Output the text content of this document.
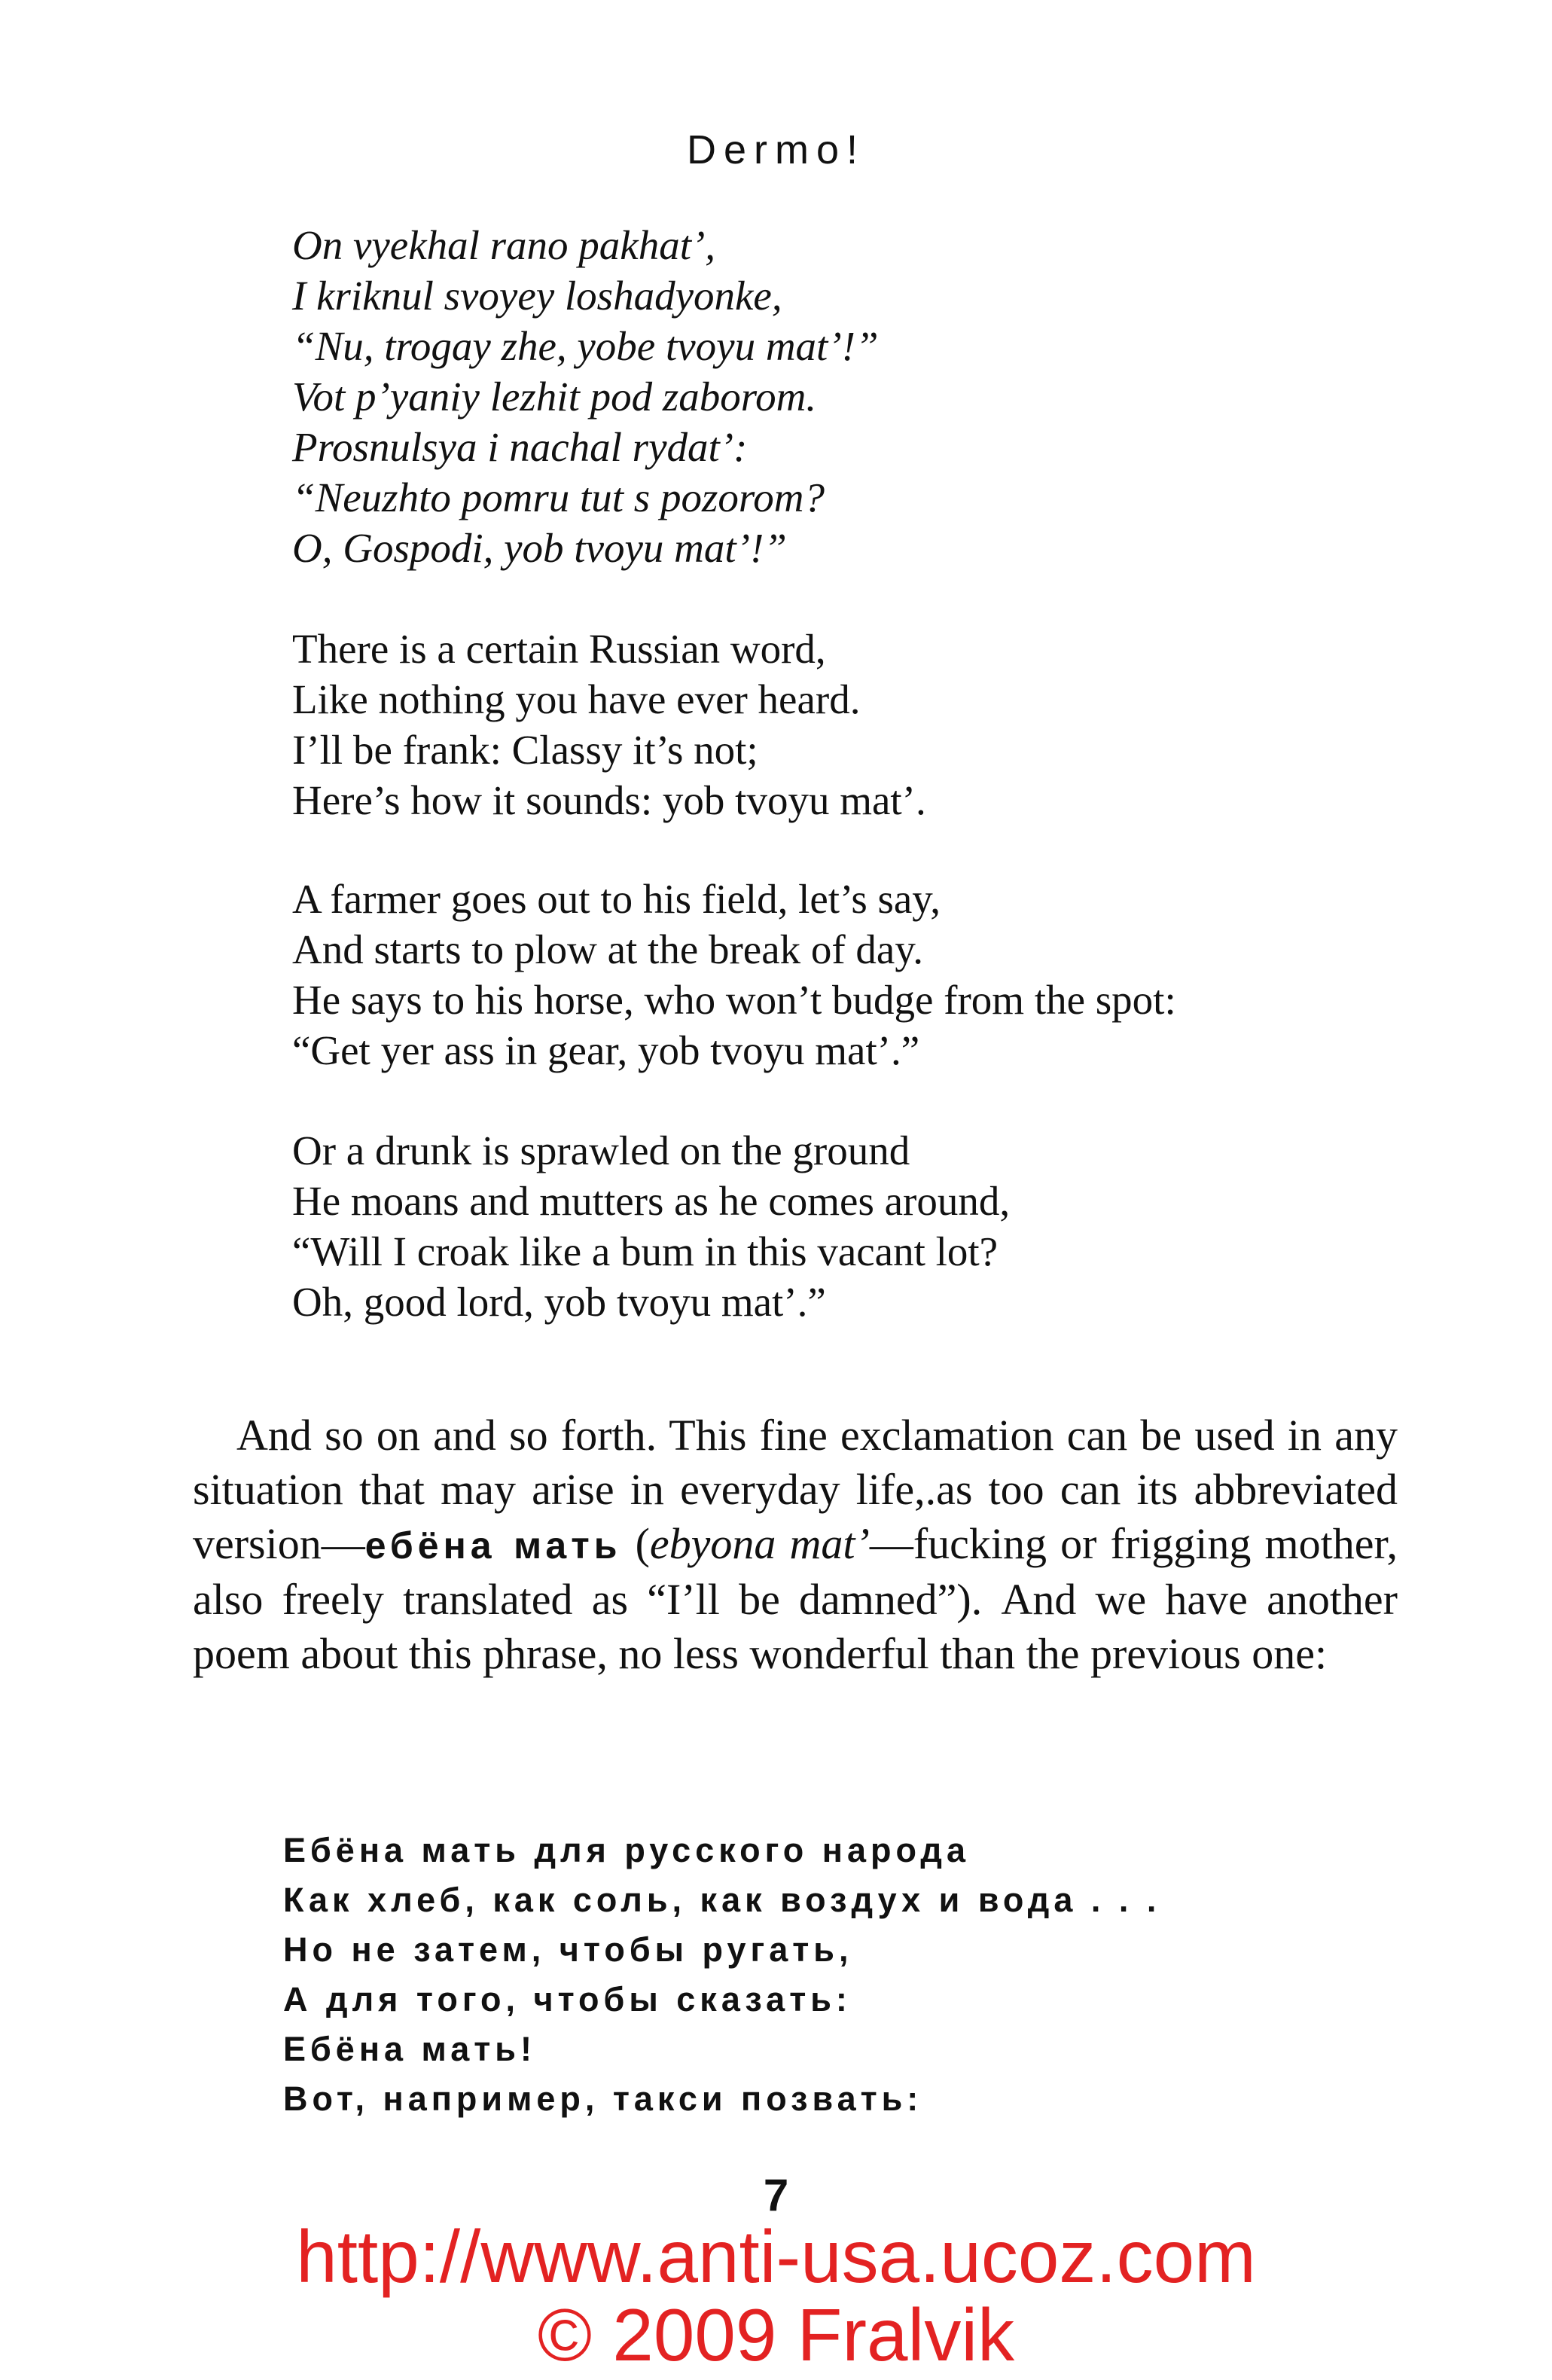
Dermo!
On vyekhal rano pakhat’,
I kriknul svoyey loshadyonke,
“Nu, trogay zhe, yobe tvoyu mat’!”
Vot p’yaniy lezhit pod zaborom.
Prosnulsya i nachal rydat’:
“Neuzhto pomru tut s pozorom?
O, Gospodi, yob tvoyu mat’!”
There is a certain Russian word,
Like nothing you have ever heard.
I’ll be frank: Classy it’s not;
Here’s how it sounds: yob tvoyu mat’.
A farmer goes out to his field, let’s say,
And starts to plow at the break of day.
He says to his horse, who won’t budge from the spot:
“Get yer ass in gear, yob tvoyu mat’.”
Or a drunk is sprawled on the ground
He moans and mutters as he comes around,
“Will I croak like a bum in this vacant lot?
Oh, good lord, yob tvoyu mat’.”
And so on and so forth. This fine exclamation can be used in any situation that may arise in everyday life,.as too can its abbreviated version—ебёна мать (ebyona mat’—fucking or frigging mother, also freely translated as “I’ll be damned”). And we have another poem about this phrase, no less wonderful than the previous one:
Ебёна мать для русского народа
Как хлеб, как соль, как воздух и вода . . .
Но не затем, чтобы ругать,
А для того, чтобы сказать:
Ебёна мать!
Вот, например, такси позвать:
7
http://www.anti-usa.ucoz.com
© 2009 Fralvik
